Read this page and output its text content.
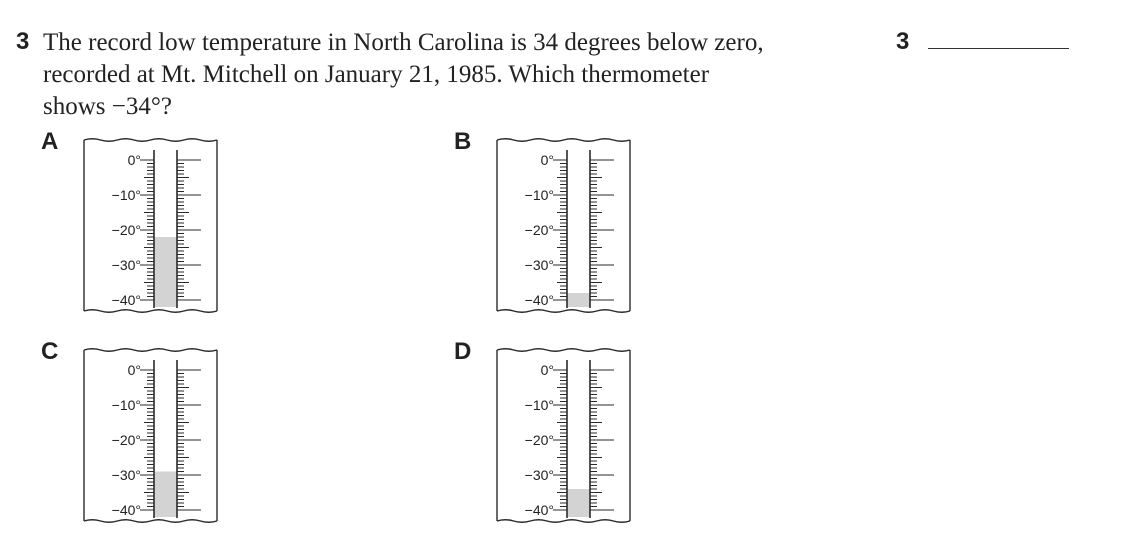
3 The record low temperature in North Carolina is 34 degrees below zero,
recorded at Mt. Mitchell on January 21, 1985. Which thermometer
shows −34°?
3
A
0°
−10°
−20°
−30°
−40°
B
0°
−10°
−20°
−30°
−40°
C
0°
−10°
−20°
−30°
−40°
D
0°
−10°
−20°
−30°
−40°
